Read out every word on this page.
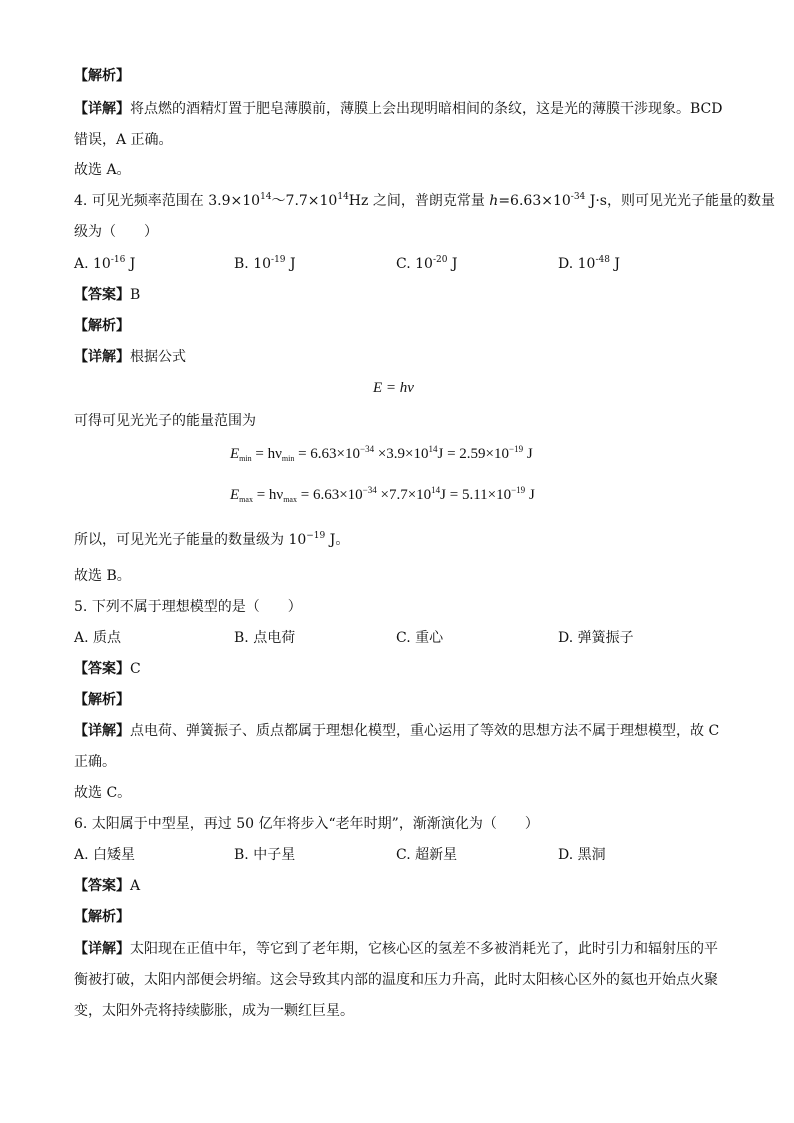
【解析】
【详解】将点燃的酒精灯置于肥皂薄膜前，薄膜上会出现明暗相间的条纹，这是光的薄膜干涉现象。BCD
错误，A 正确。
故选 A。
4. 可见光频率范围在 $3.9\times 10^{14}\sim 7.7\times 10^{14}Hz$ 之间，普朗克常量 $h=6.63\times 10^{-34}$ J·s，则可见光光子能量的数量
级为（　　）
A. $10^{-16}$ J	B. $10^{-19}$ J	C. $10^{-20}$ J	D. $10^{-48}$ J
【答案】B
【解析】
【详解】根据公式
E = hν
可得可见光光子的能量范围为
$E_{min} = h\nu_{min} = 6.63\times 10^{-34} \times 3.9\times 10^{14}J = 2.59\times 10^{-19}$ J
$E_{max} = h\nu_{max} = 6.63\times 10^{-34} \times 7.7\times 10^{14}J = 5.11\times 10^{-19}$ J
所以，可见光光子能量的数量级为 $10^{-19}$ J。
故选 B。
5. 下列不属于理想模型的是（　　）
A. 质点	B. 点电荷	C. 重心	D. 弹簧振子
【答案】C
【解析】
【详解】点电荷、弹簧振子、质点都属于理想化模型，重心运用了等效的思想方法不属于理想模型，故 C
正确。
故选 C。
6. 太阳属于中型星，再过 50 亿年将步入“老年时期”，渐渐演化为（　　）
A. 白矮星	B. 中子星	C. 超新星	D. 黑洞
【答案】A
【解析】
【详解】太阳现在正值中年，等它到了老年期，它核心区的氢差不多被消耗光了，此时引力和辐射压的平
衡被打破，太阳内部便会坍缩。这会导致其内部的温度和压力升高，此时太阳核心区外的氦也开始点火聚
变，太阳外壳将持续膨胀，成为一颗红巨星。
